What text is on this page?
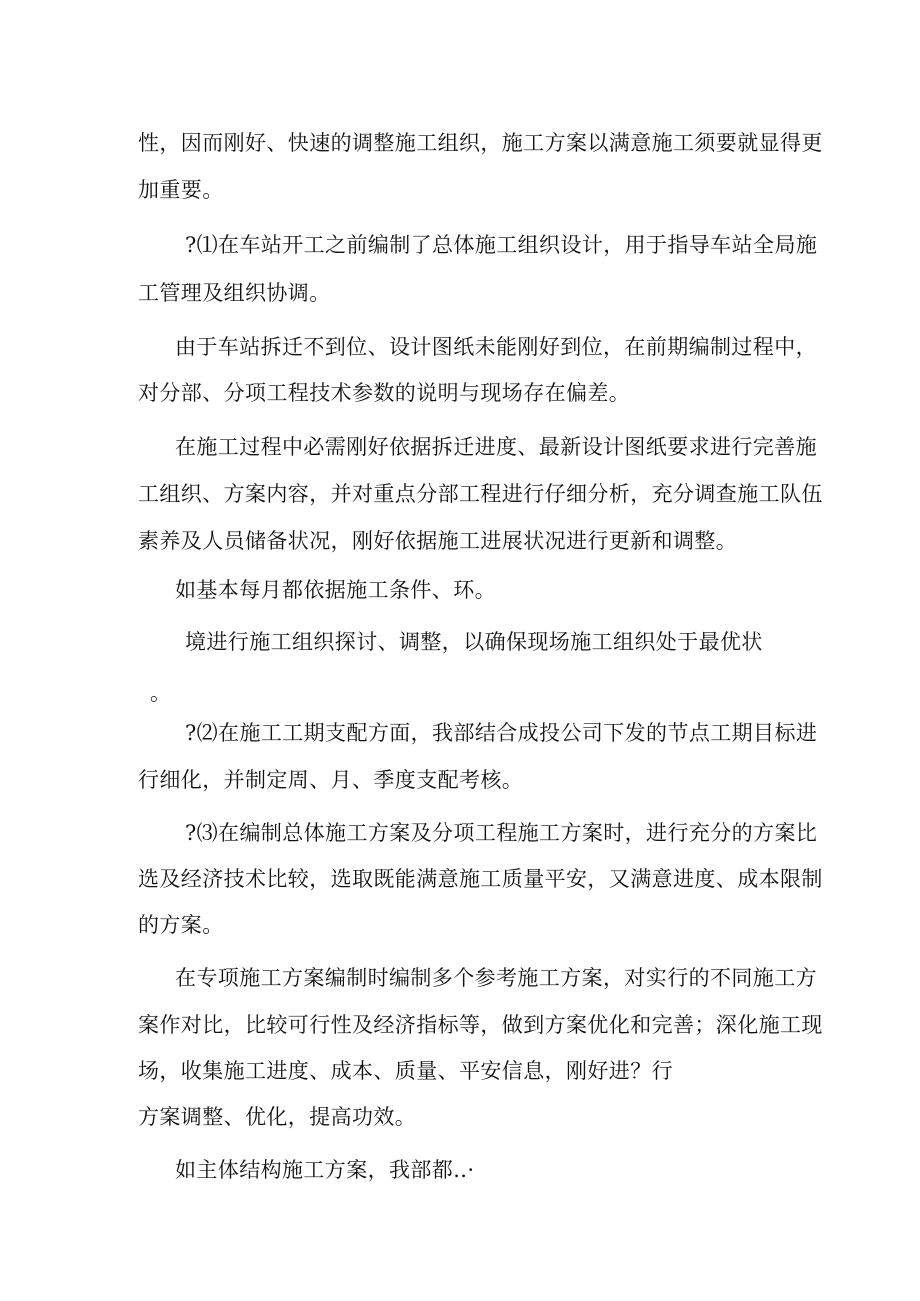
性，因而刚好、快速的调整施工组织，施工方案以满意施工须要就显得更
加重要。
?⑴在车站开工之前编制了总体施工组织设计，用于指导车站全局施
工管理及组织协调。
由于车站拆迁不到位、设计图纸未能刚好到位，在前期编制过程中，
对分部、分项工程技术参数的说明与现场存在偏差。
在施工过程中必需刚好依据拆迁进度、最新设计图纸要求进行完善施
工组织、方案内容，并对重点分部工程进行仔细分析，充分调查施工队伍
素养及人员储备状况，刚好依据施工进展状况进行更新和调整。
如基本每月都依据施工条件、环。
境进行施工组织探讨、调整，以确保现场施工组织处于最优状
。
?⑵在施工工期支配方面，我部结合成投公司下发的节点工期目标进
行细化，并制定周、月、季度支配考核。
?⑶在编制总体施工方案及分项工程施工方案时，进行充分的方案比
选及经济技术比较，选取既能满意施工质量平安，又满意进度、成本限制
的方案。
在专项施工方案编制时编制多个参考施工方案，对实行的不同施工方
案作对比，比较可行性及经济指标等，做到方案优化和完善；深化施工现
场，收集施工进度、成本、质量、平安信息，刚好进？行
方案调整、优化，提高功效。
如主体结构施工方案，我部都..·
